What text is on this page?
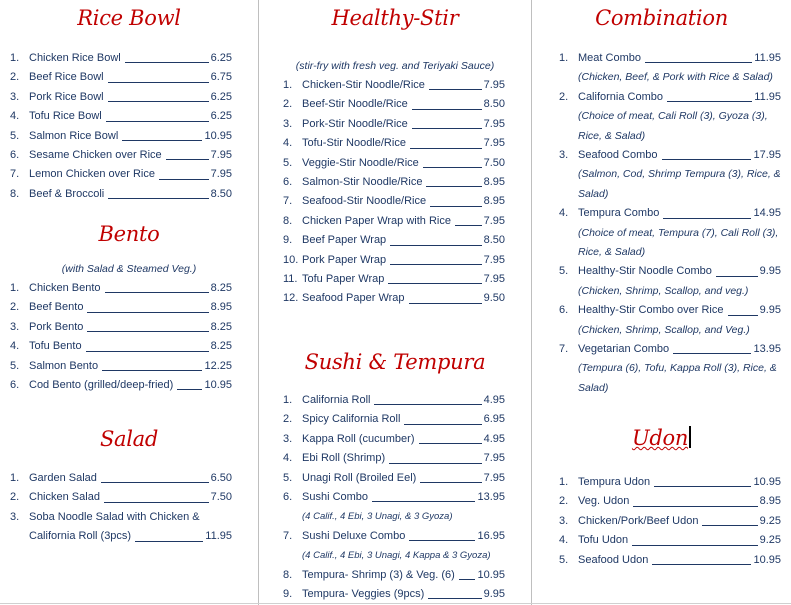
Rice Bowl
1. Chicken Rice Bowl	6.25
2. Beef Rice Bowl	6.75
3. Pork Rice Bowl	6.25
4. Tofu Rice Bowl	6.25
5. Salmon Rice Bowl	10.95
6. Sesame Chicken over Rice	7.95
7. Lemon Chicken over Rice	7.95
8. Beef & Broccoli	8.50
Bento
(with Salad & Steamed Veg.)
1. Chicken Bento	8.25
2. Beef Bento	8.95
3. Pork Bento	8.25
4. Tofu Bento	8.25
5. Salmon Bento	12.25
6. Cod Bento (grilled/deep-fried)	10.95
Salad
1. Garden Salad	6.50
2. Chicken Salad	7.50
3. Soba Noodle Salad with Chicken &
California Roll (3pcs)	11.95
Healthy-Stir
(stir-fry with fresh veg. and Teriyaki Sauce)
1. Chicken-Stir Noodle/Rice	7.95
2. Beef-Stir Noodle/Rice	8.50
3. Pork-Stir Noodle/Rice	7.95
4. Tofu-Stir Noodle/Rice	7.95
5. Veggie-Stir Noodle/Rice	7.50
6. Salmon-Stir Noodle/Rice	8.95
7. Seafood-Stir Noodle/Rice	8.95
8. Chicken Paper Wrap with Rice	7.95
9. Beef Paper Wrap	8.50
10. Pork Paper Wrap	7.95
11. Tofu Paper Wrap	7.95
12. Seafood Paper Wrap	9.50
Sushi & Tempura
1. California Roll	4.95
2. Spicy California Roll	6.95
3. Kappa Roll (cucumber)	4.95
4. Ebi Roll (Shrimp)	7.95
5. Unagi Roll (Broiled Eel)	7.95
6. Sushi Combo	13.95
(4 Calif., 4 Ebi, 3 Unagi, & 3 Gyoza)
7. Sushi Deluxe Combo	16.95
(4 Calif., 4 Ebi, 3 Unagi, 4 Kappa & 3 Gyoza)
8. Tempura- Shrimp (3) & Veg. (6) 10.95
9. Tempura- Veggies (9pcs)	9.95
Combination
1. Meat Combo	11.95
(Chicken, Beef, & Pork with Rice & Salad)
2. California Combo	11.95
(Choice of meat, Cali Roll (3), Gyoza (3), Rice, & Salad)
3. Seafood Combo	17.95
(Salmon, Cod, Shrimp Tempura (3), Rice, & Salad)
4. Tempura Combo	14.95
(Choice of meat, Tempura (7), Cali Roll (3), Rice, & Salad)
5. Healthy-Stir Noodle Combo	9.95
(Chicken, Shrimp, Scallop, and veg.)
6. Healthy-Stir Combo over Rice	9.95
(Chicken, Shrimp, Scallop, and Veg.)
7. Vegetarian Combo	13.95
(Tempura (6), Tofu, Kappa Roll (3), Rice, & Salad)
Udon
1. Tempura Udon	10.95
2. Veg. Udon	8.95
3. Chicken/Pork/Beef Udon	9.25
4. Tofu Udon	9.25
5. Seafood Udon	10.95
